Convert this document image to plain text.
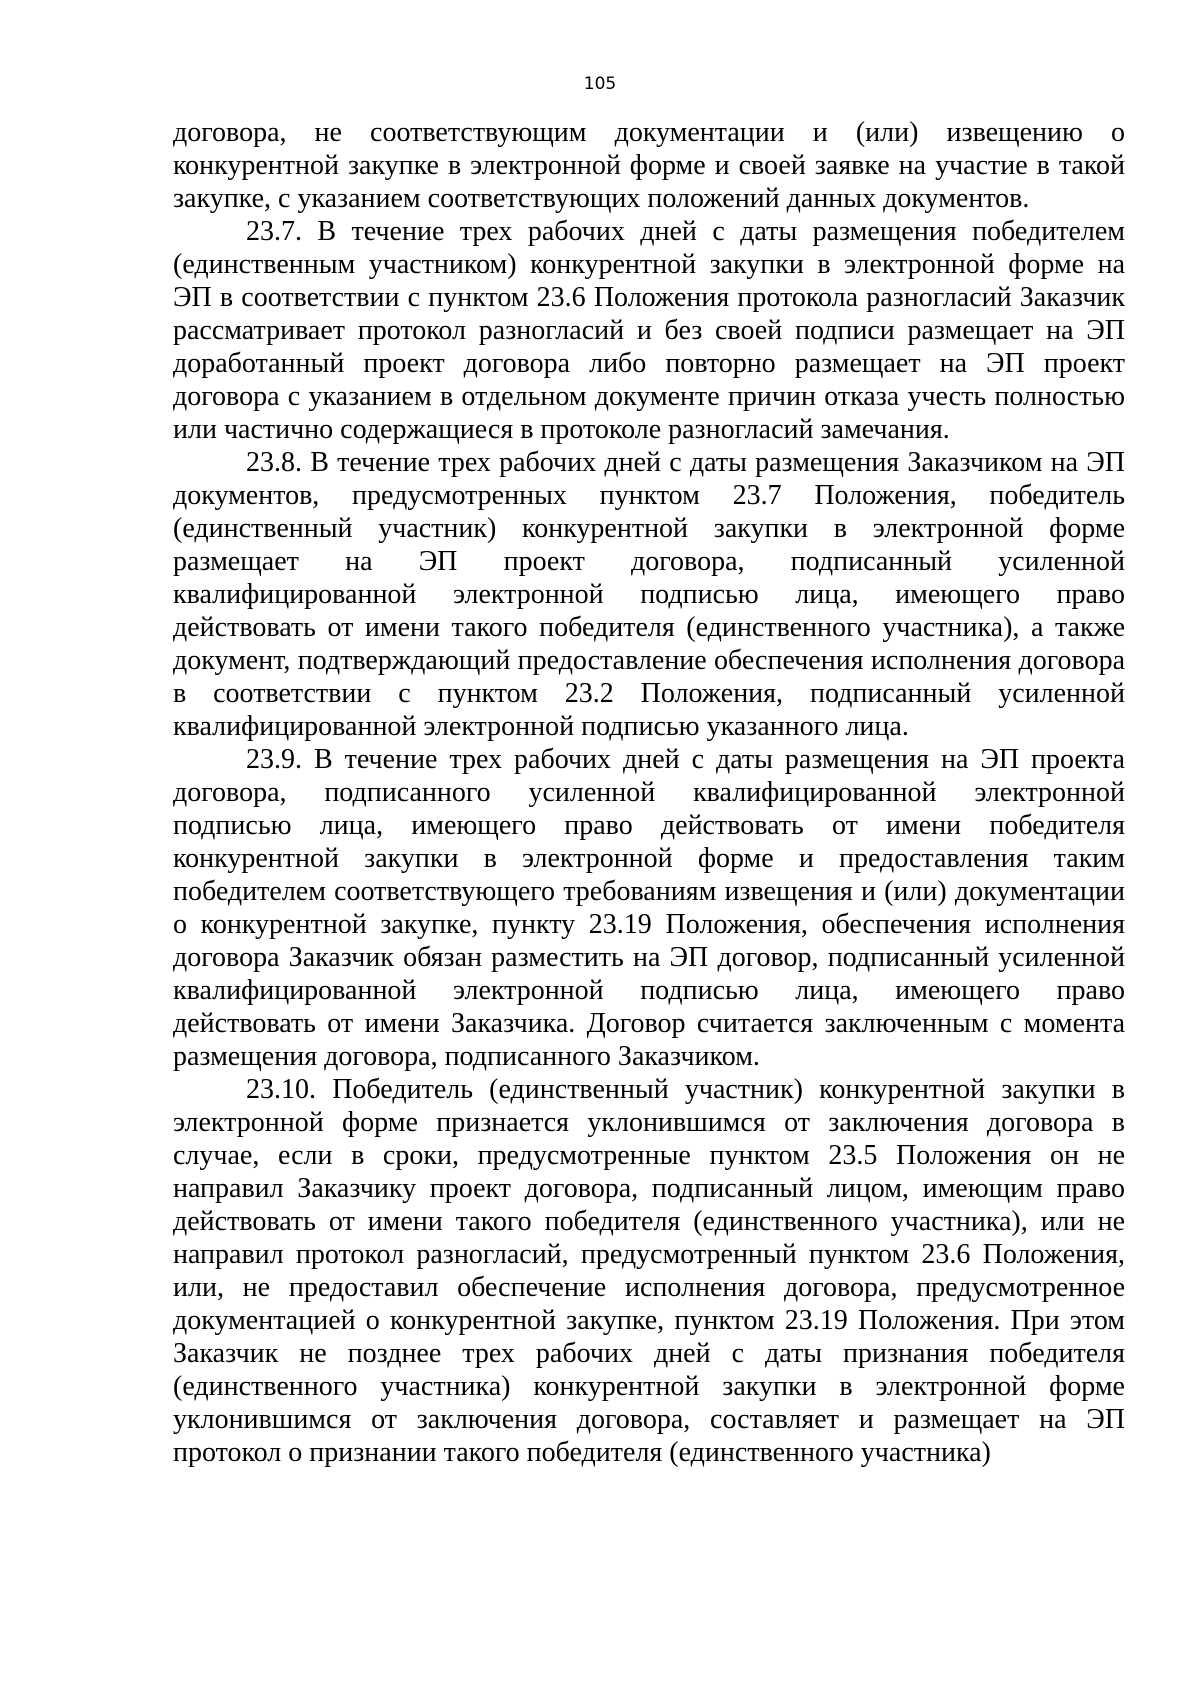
105

договора, не соответствующим документации и (или) извещению о конкурентной закупке в электронной форме и своей заявке на участие в такой закупке, с указанием соответствующих положений данных документов.

23.7. В течение трех рабочих дней с даты размещения победителем (единственным участником) конкурентной закупки в электронной форме на ЭП в соответствии с пунктом 23.6 Положения протокола разногласий Заказчик рассматривает протокол разногласий и без своей подписи размещает на ЭП доработанный проект договора либо повторно размещает на ЭП проект договора с указанием в отдельном документе причин отказа учесть полностью или частично содержащиеся в протоколе разногласий замечания.

23.8. В течение трех рабочих дней с даты размещения Заказчиком на ЭП документов, предусмотренных пунктом 23.7 Положения, победитель (единственный участник) конкурентной закупки в электронной форме размещает на ЭП проект договора, подписанный усиленной квалифицированной электронной подписью лица, имеющего право действовать от имени такого победителя (единственного участника), а также документ, подтверждающий предоставление обеспечения исполнения договора в соответствии с пунктом 23.2 Положения, подписанный усиленной квалифицированной электронной подписью указанного лица.

23.9. В течение трех рабочих дней с даты размещения на ЭП проекта договора, подписанного усиленной квалифицированной электронной подписью лица, имеющего право действовать от имени победителя конкурентной закупки в электронной форме и предоставления таким победителем соответствующего требованиям извещения и (или) документации о конкурентной закупке, пункту 23.19 Положения, обеспечения исполнения договора Заказчик обязан разместить на ЭП договор, подписанный усиленной квалифицированной электронной подписью лица, имеющего право действовать от имени Заказчика. Договор считается заключенным с момента размещения договора, подписанного Заказчиком.

23.10. Победитель (единственный участник) конкурентной закупки в электронной форме признается уклонившимся от заключения договора в случае, если в сроки, предусмотренные пунктом 23.5 Положения он не направил Заказчику проект договора, подписанный лицом, имеющим право действовать от имени такого победителя (единственного участника), или не направил протокол разногласий, предусмотренный пунктом 23.6 Положения, или, не предоставил обеспечение исполнения договора, предусмотренное документацией о конкурентной закупке, пунктом 23.19 Положения. При этом Заказчик не позднее трех рабочих дней с даты признания победителя (единственного участника) конкурентной закупки в электронной форме уклонившимся от заключения договора, составляет и размещает на ЭП протокол о признании такого победителя (единственного участника)
